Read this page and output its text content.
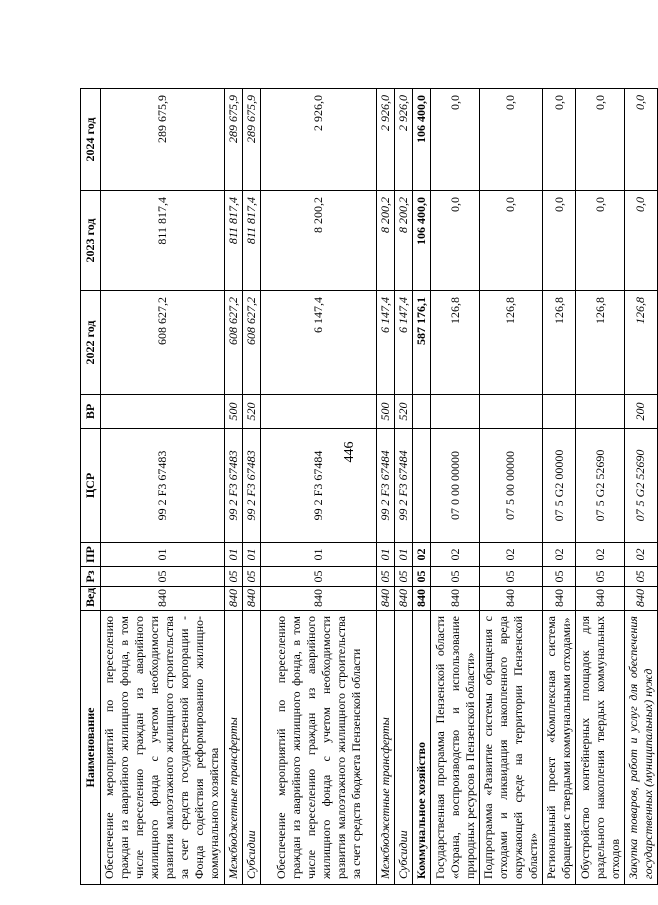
446
Наименование	Вед	Рз	ПР	ЦСР	ВР	2022 год	2023 год	2024 год
Обеспечение мероприятий по переселению граждан из аварийного жилищного фонда, в том числе переселению граждан из аварийного жилищного фонда с учетом необходимости развития малоэтажного жилищного строительства за счет средств государственной корпорации - Фонда содействия реформированию жилищно-коммунального хозяйства	840	05	01	99 2 F3 67483		608 627,2	811 817,4	289 675,9
Межбюджетные трансферты	840	05	01	99 2 F3 67483	500	608 627,2	811 817,4	289 675,9
Субсидии	840	05	01	99 2 F3 67483	520	608 627,2	811 817,4	289 675,9
Обеспечение мероприятий по переселению граждан из аварийного жилищного фонда, в том числе переселению граждан из аварийного жилищного фонда с учетом необходимости развития малоэтажного жилищного строительства за счет средств бюджета Пензенской области	840	05	01	99 2 F3 67484		6 147,4	8 200,2	2 926,0
Межбюджетные трансферты	840	05	01	99 2 F3 67484	500	6 147,4	8 200,2	2 926,0
Субсидии	840	05	01	99 2 F3 67484	520	6 147,4	8 200,2	2 926,0
Коммунальное хозяйство	840	05	02			587 176,1	106 400,0	106 400,0
Государственная программа Пензенской области «Охрана, воспроизводство и использование природных ресурсов в Пензенской области»	840	05	02	07 0 00 00000		126,8	0,0	0,0
Подпрограмма «Развитие системы обращения с отходами и ликвидация накопленного вреда окружающей среде на территории Пензенской области»	840	05	02	07 5 00 00000		126,8	0,0	0,0
Региональный проект «Комплексная система обращения с твердыми коммунальными отходами»	840	05	02	07 5 G2 00000		126,8	0,0	0,0
Обустройство контейнерных площадок для раздельного накопления твердых коммунальных отходов	840	05	02	07 5 G2 52690		126,8	0,0	0,0
Закупка товаров, работ и услуг для обеспечения государственных (муниципальных) нужд	840	05	02	07 5 G2 52690	200	126,8	0,0	0,0
